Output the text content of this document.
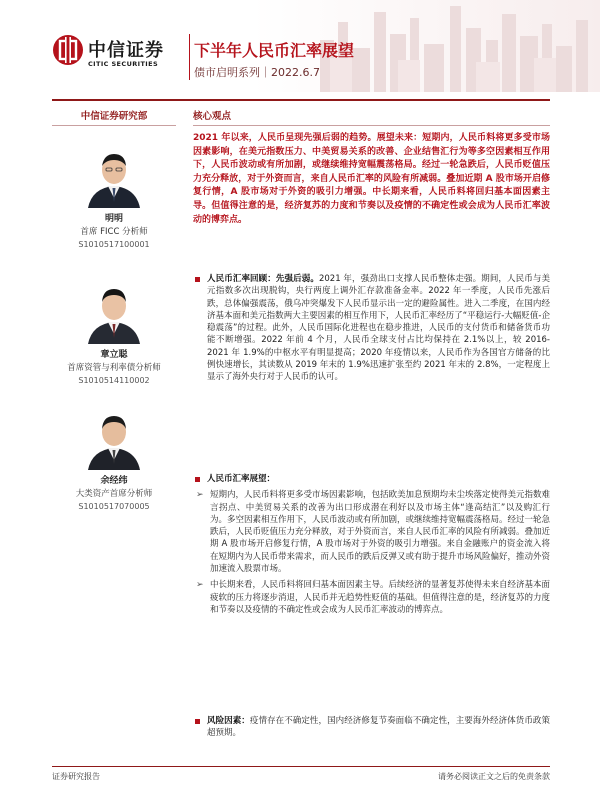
中信证券
CITIC SECURITIES
下半年人民币汇率展望
债市启明系列｜2022.6.7
中信证券研究部
明明
首席 FICC 分析师
S1010517100001
章立聪
首席资管与利率债分析师
S1010514110002
余经纬
大类资产首席分析师
S1010517070005
核心观点
2021 年以来，人民币呈现先强后弱的趋势。展望未来：短期内，人民币料将更多受市场因素影响，在美元指数压力、中美贸易关系的改善、企业结售汇行为等多空因素相互作用下，人民币波动或有所加剧，或继续维持宽幅震荡格局。经过一轮急跌后，人民币贬值压力充分释放，对于外资而言，来自人民币汇率的风险有所减弱。叠加近期 A 股市场开启修复行情，A 股市场对于外资的吸引力增强。中长期来看，人民币料将回归基本面因素主导。但值得注意的是，经济复苏的力度和节奏以及疫情的不确定性或会成为人民币汇率波动的博弈点。
人民币汇率回顾：先强后弱。2021 年，强劲出口支撑人民币整体走强。期间，人民币与美元指数多次出现脱钩，央行两度上调外汇存款准备金率。2022 年一季度，人民币先涨后跌，总体偏强震荡，俄乌冲突爆发下人民币显示出一定的避险属性。进入二季度，在国内经济基本面和美元指数两大主要因素的相互作用下，人民币汇率经历了“平稳运行-大幅贬值-企稳震荡”的过程。此外，人民币国际化进程也在稳步推进，人民币的支付货币和储备货币功能不断增强。2022 年前 4 个月，人民币全球支付占比均保持在 2.1%以上，较 2016-2021 年 1.9%的中枢水平有明显提高；2020 年疫情以来，人民币作为各国官方储备的比例快速增长，其读数从 2019 年末的 1.9%迅速扩张至约 2021 年末的 2.8%，一定程度上显示了海外央行对于人民币的认可。
人民币汇率展望：
➢ 短期内，人民币料将更多受市场因素影响，包括欧美加息预期均未尘埃落定使得美元指数难言拐点、中美贸易关系的改善为出口形成潜在利好以及市场主体“逢高结汇”以及购汇行为。多空因素相互作用下，人民币波动或有所加剧，或继续维持宽幅震荡格局。经过一轮急跌后，人民币贬值压力充分释放，对于外资而言，来自人民币汇率的风险有所减弱。叠加近期 A 股市场开启修复行情，A 股市场对于外资的吸引力增强。来自金融账户的资金流入将在短期内为人民币带来需求，而人民币的跌后反弹又或有助于提升市场风险偏好，推动外资加速流入股票市场。
➢ 中长期来看，人民币料将回归基本面因素主导。后续经济的显著复苏使得未来自经济基本面疲软的压力将逐步消退，人民币并无趋势性贬值的基础。但值得注意的是，经济复苏的力度和节奏以及疫情的不确定性或会成为人民币汇率波动的博弈点。
风险因素：疫情存在不确定性，国内经济修复节奏面临不确定性，主要海外经济体货币政策超预期。
证券研究报告	请务必阅读正文之后的免责条款
